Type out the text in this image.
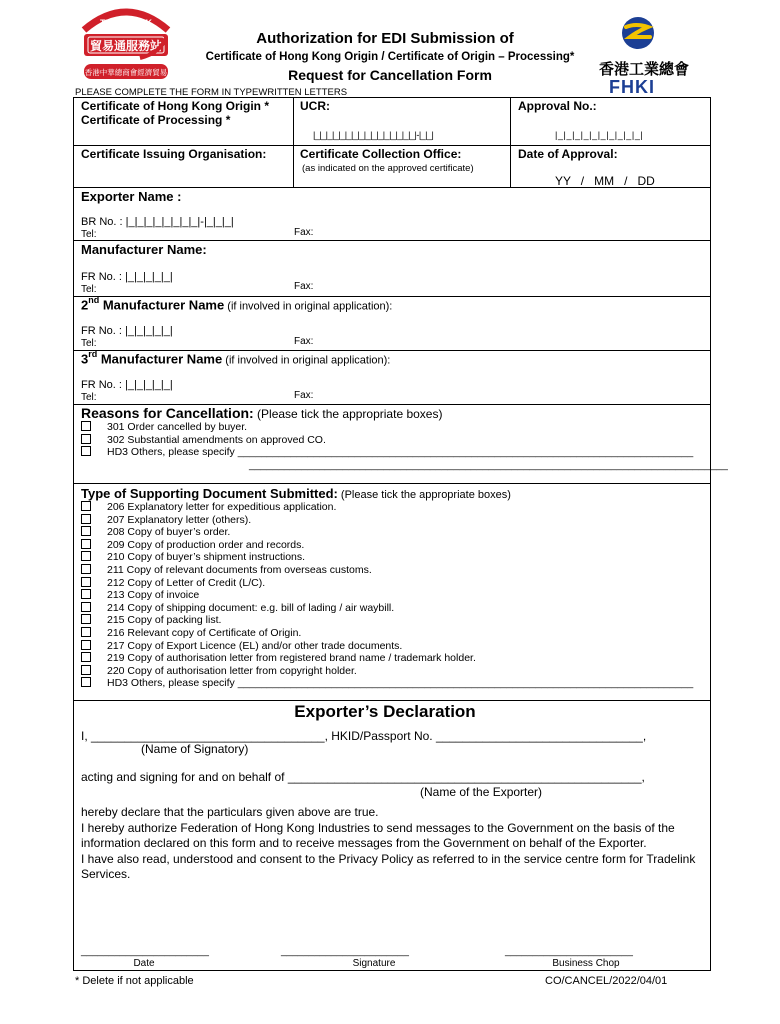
TRADELINK
貿易通服務站
香港中華總商會經濟貿易
Authorization for EDI Submission of
Certificate of Hong Kong Origin / Certificate of Origin – Processing*
Request for Cancellation Form
PLEASE COMPLETE THE FORM IN TYPEWRITTEN LETTERS
香港工業總會
FHKI
Certificate of Hong Kong Origin *
Certificate of Processing *
UCR:
|_|_|_|_|_|_|_|_|_|_|_|_|_|_|_|_|-|_|_|
Approval No.:
|_|_|_|_|_|_|_|_|_|_|
Certificate Issuing Organisation:	Certificate Collection Office:
(as indicated on the approved certificate)
Date of Approval:
YY   /   MM   /   DD
Exporter Name :
BR No. : |_|_|_|_|_|_|_|_|-|_|_|_|
Tel:	Fax:
Manufacturer Name:
FR No. : |_|_|_|_|_|
Tel:	Fax:
2nd Manufacturer Name (if involved in original application):
FR No. : |_|_|_|_|_|
Tel:	Fax:
3rd Manufacturer Name (if involved in original application):
FR No. : |_|_|_|_|_|
Tel:	Fax:
Reasons for Cancellation: (Please tick the appropriate boxes)
301 Order cancelled by buyer.
302 Substantial amendments on approved CO.
HD3 Others, please specify ______________________________________________________________________________
__________________________________________________________________________________
Type of Supporting Document Submitted: (Please tick the appropriate boxes)
206 Explanatory letter for expeditious application.
207 Explanatory letter (others).
208 Copy of buyer’s order.
209 Copy of production order and records.
210 Copy of buyer’s shipment instructions.
211 Copy of relevant documents from overseas customs.
212 Copy of Letter of Credit (L/C).
213 Copy of invoice
214 Copy of shipping document: e.g. bill of lading / air waybill.
215 Copy of packing list.
216 Relevant copy of Certificate of Origin.
217 Copy of Export Licence (EL) and/or other trade documents.
219 Copy of authorisation letter from registered brand name / trademark holder.
220 Copy of authorisation letter from copyright holder.
HD3 Others, please specify ______________________________________________________________________________
Exporter’s Declaration
I, ___________________________________, HKID/Passport No. _______________________________,
(Name of Signatory)
acting and signing for and on behalf of _____________________________________________________,
(Name of the Exporter)
hereby declare that the particulars given above are true.
I hereby authorize Federation of Hong Kong Industries to send messages to the Government on the basis of the information declared on this form and to receive messages from the Government on behalf of the Exporter.
I have also read, understood and consent to the Privacy Policy as referred to in the service centre form for Tradelink Services.
_______________________	_______________________	_______________________
Date	Signature	Business Chop
* Delete if not applicable	CO/CANCEL/2022/04/01
